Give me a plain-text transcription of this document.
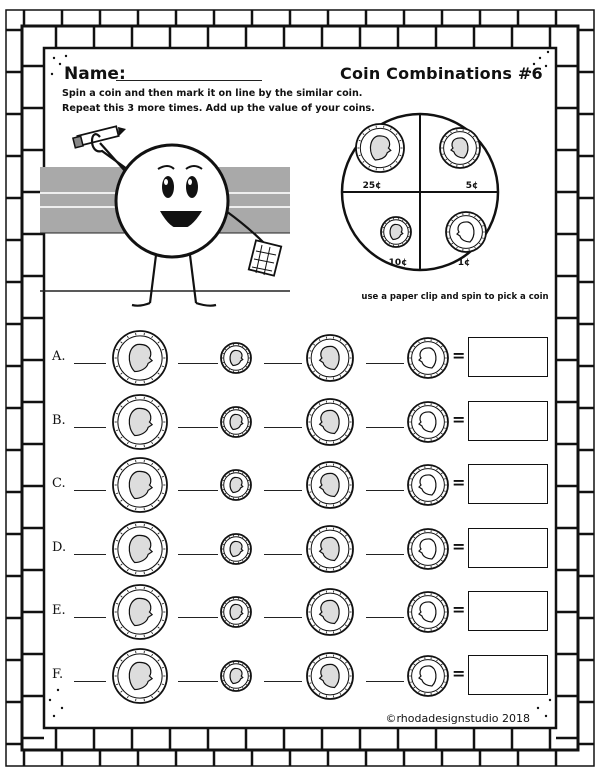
Name:	Coin Combinations #6
Spin a coin and then mark it on line by the similar coin.
Repeat this 3 more times. Add up the value of your coins.
25¢	5¢
10¢	1¢
use a paper clip and spin to pick a coin
A.	=
B.	=
C.	=
D.	=
E.	=
F.	=
©rhodadesignstudio 2018
